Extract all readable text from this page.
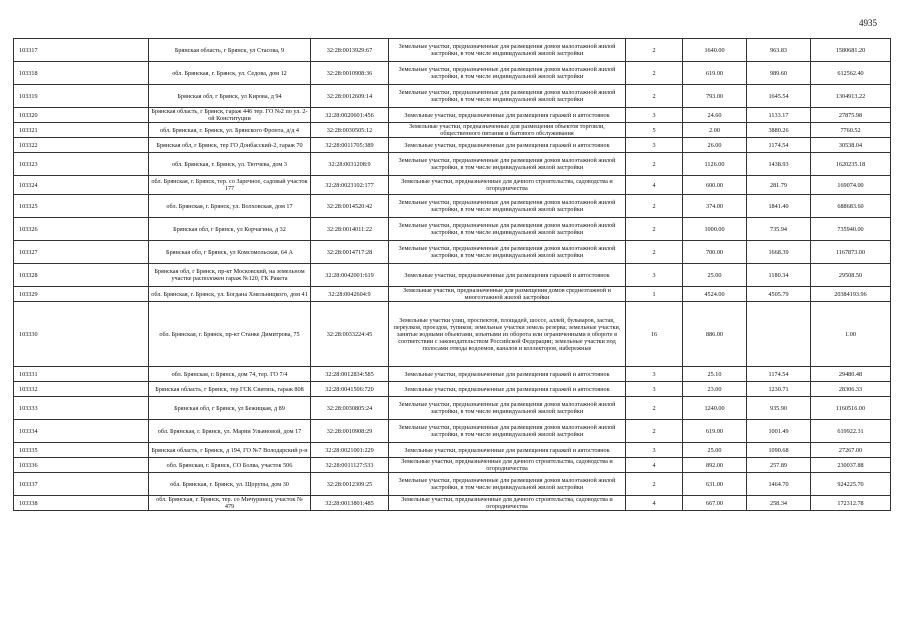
4935
103317	Брянская область, г Брянск, ул Стасова, 9	32:28:0013929:67	Земельные участки, предназначенные для размещения домов малоэтажной жилой застройки, в том числе индивидуальной жилой застройки	2	1640.00	963.83	1580681.20
103318	обл. Брянская, г. Брянск, ул. Седова, дом 12	32:28:0010908:36	Земельные участки, предназначенные для размещения домов малоэтажной жилой застройки, в том числе индивидуальной жилой застройки	2	619.00	989.60	612562.40
103319	Брянская обл, г Брянск, ул Кирова, д 94	32:28:0012609:14	Земельные участки, предназначенные для размещения домов малоэтажной жилой застройки, в том числе индивидуальной жилой застройки	2	793.00	1645.54	1304913.22
103320	Брянская область, г Брянск, гараж 446 тер. ГО №2 по ул. 2-ой Конституции	32:28:0020601:456	Земельные участки, предназначенные для размещения гаражей и автостоянок	3	24.60	1133.17	27875.98
103321	обл. Брянская, г. Брянск, ул. Брянского Фронта, д/д 4	32:28:0030505:12	Земельные участки, предназначенные для размещения объектов торговли, общественного питания и бытового обслуживания	5	2.00	3880.26	7760.52
103322	Брянская обл, г Брянск, тер ГО Донбасский-2, гараж 70	32:28:0011705:389	Земельные участки, предназначенные для размещения гаражей и автостоянок	3	26.00	1174.54	30538.04
103323	обл. Брянская, г. Брянск, ул. Тютчева, дом 3	32:28:0031208:9	Земельные участки, предназначенные для размещения домов малоэтажной жилой застройки, в том числе индивидуальной жилой застройки	2	1126.00	1438.93	1620235.18
103324	обл. Брянская, г. Брянск, тер. со Заречное, садовый участок 177	32:28:0023102:177	Земельные участки, предназначенные для дачного строительства, садоводства и огородничества	4	600.00	281.79	169074.00
103325	обл. Брянская, г. Брянск, ул. Волховская, дом 17	32:28:0014520:42	Земельные участки, предназначенные для размещения домов малоэтажной жилой застройки, в том числе индивидуальной жилой застройки	2	374.00	1841.40	688683.60
103326	Брянская обл, г Брянск, ул Корчагина, д 32	32:28:0014011:22	Земельные участки, предназначенные для размещения домов малоэтажной жилой застройки, в том числе индивидуальной жилой застройки	2	1000.00	735.94	735940.00
103327	Брянская обл, г Брянск, ул Комсомольская, 64 А	32:28:0014717:28	Земельные участки, предназначенные для размещения домов малоэтажной жилой застройки, в том числе индивидуальной жилой застройки	2	700.00	1668.39	1167873.00
103328	Брянская обл, г Брянск, пр-кт Московский, на земельном участке расположен гараж №120, ГК Ракета	32:28:0042001:619	Земельные участки, предназначенные для размещения гаражей и автостоянок	3	25.00	1180.34	29508.50
103329	обл. Брянская, г. Брянск, ул. Богдана Хмельницкого, дом 41	32:28:0042604:9	Земельные участки, предназначенные для размещения домов среднеэтажной и многоэтажной жилой застройки	1	4524.00	4505.79	20384193.96
103330	обл. Брянская, г. Брянск, пр-кт Станке Димитрова, 75	32:28:0033224:45	Земельные участки улиц, проспектов, площадей, шоссе, аллей, бульваров, застав, переулков, проездов, тупиков; земельные участки земель резерва; земельные участки, занятые водными объектами, изъятыми из оборота или ограниченными в обороте в соответствии с законодательством Российской Федерации; земельные участки под полосами отвода водоемов, каналов и коллекторов, набережные	16	886.00		1.00
103331	обл. Брянская, г. Брянск, дом 74, тер. ГО 7/4	32:28:0012834:585	Земельные участки, предназначенные для размещения гаражей и автостоянок	3	25.10	1174.54	29480.48
103332	Брянская область, г Брянск, тер ГСК Свитязь, гараж 808	32:28:0041506:720	Земельные участки, предназначенные для размещения гаражей и автостоянок	3	23.00	1230.71	28306.33
103333	Брянская обл, г Брянск, ул Бежицкая, д 89	32:28:0030805:24	Земельные участки, предназначенные для размещения домов малоэтажной жилой застройки, в том числе индивидуальной жилой застройки	2	1240.00	935.90	1160516.00
103334	обл. Брянская, г. Брянск, ул. Марии Ульяновой, дом 17	32:28:0010908:29	Земельные участки, предназначенные для размещения домов малоэтажной жилой застройки, в том числе индивидуальной жилой застройки	2	619.00	1001.49	619922.31
103335	Брянская область, г Брянск, д 194, ГО №7 Володарский р-н	32:28:0021001:229	Земельные участки, предназначенные для размещения гаражей и автостоянок	3	25.00	1090.68	27267.00
103336	обл. Брянская, г. Брянск, СО Болва, участок 506	32:28:0011127:533	Земельные участки, предназначенные для дачного строительства, садоводства и огородничества	4	892.00	257.89	230037.88
103337	обл. Брянская, г. Брянск, ул. Щорупы, дом 30	32:28:0012309:25	Земельные участки, предназначенные для размещения домов малоэтажной жилой застройки, в том числе индивидуальной жилой застройки	2	631.00	1464.70	924225.70
103338	обл. Брянская, г. Брянск, тер. со Мичуринец, участок № 479	32:28:0013801:485	Земельные участки, предназначенные для дачного строительства, садоводства и огородничества	4	667.00	258.34	172312.78
